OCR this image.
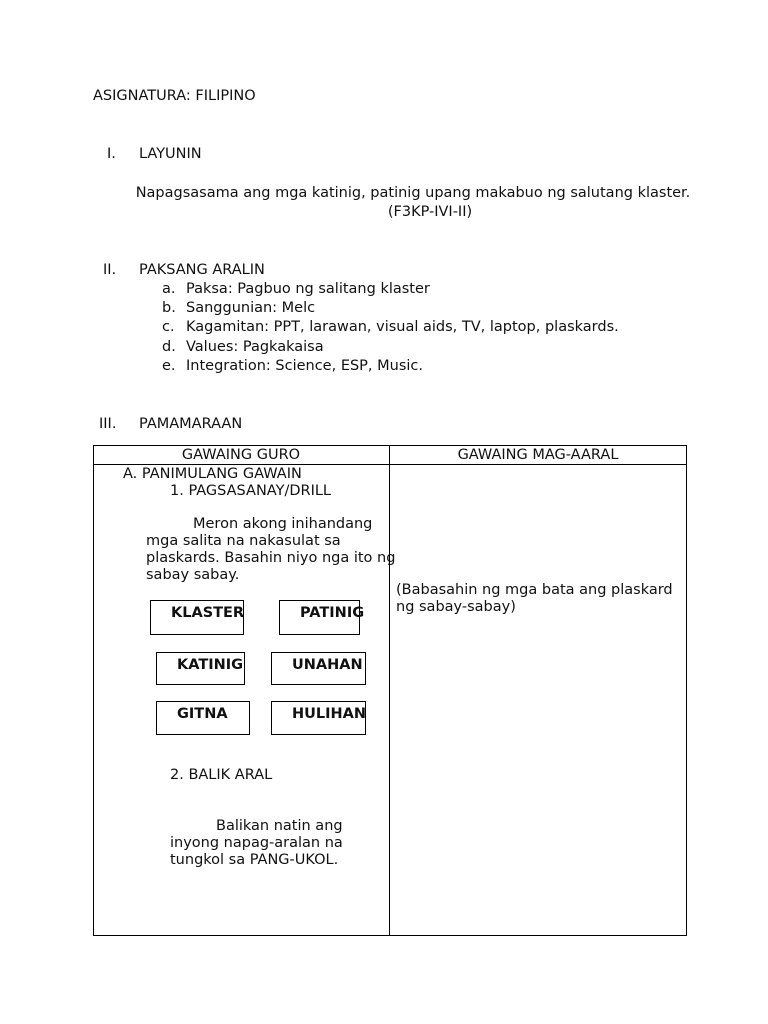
ASIGNATURA: FILIPINO
I. LAYUNIN
Napagsasama ang mga katinig, patinig upang makabuo ng salutang klaster.
(F3KP-IVI-II)
II. PAKSANG ARALIN
a. Paksa: Pagbuo ng salitang klaster
b. Sanggunian: Melc
c. Kagamitan: PPT, larawan, visual aids, TV, laptop, plaskards.
d. Values: Pagkakaisa
e. Integration: Science, ESP, Music.
III. PAMAMARAAN
GAWAING GURO	GAWAING MAG-AARAL
A. PANIMULANG GAWAIN
1. PAGSASANAY/DRILL
Meron akong inihandang
mga salita na nakasulat sa
plaskards. Basahin niyo nga ito ng
sabay sabay.
KLASTER	PATINIG
KATINIG	UNAHAN
GITNA	HULIHAN
2. BALIK ARAL
Balikan natin ang
inyong napag-aralan na
tungkol sa PANG-UKOL.
(Babasahin ng mga bata ang plaskard
ng sabay-sabay)
